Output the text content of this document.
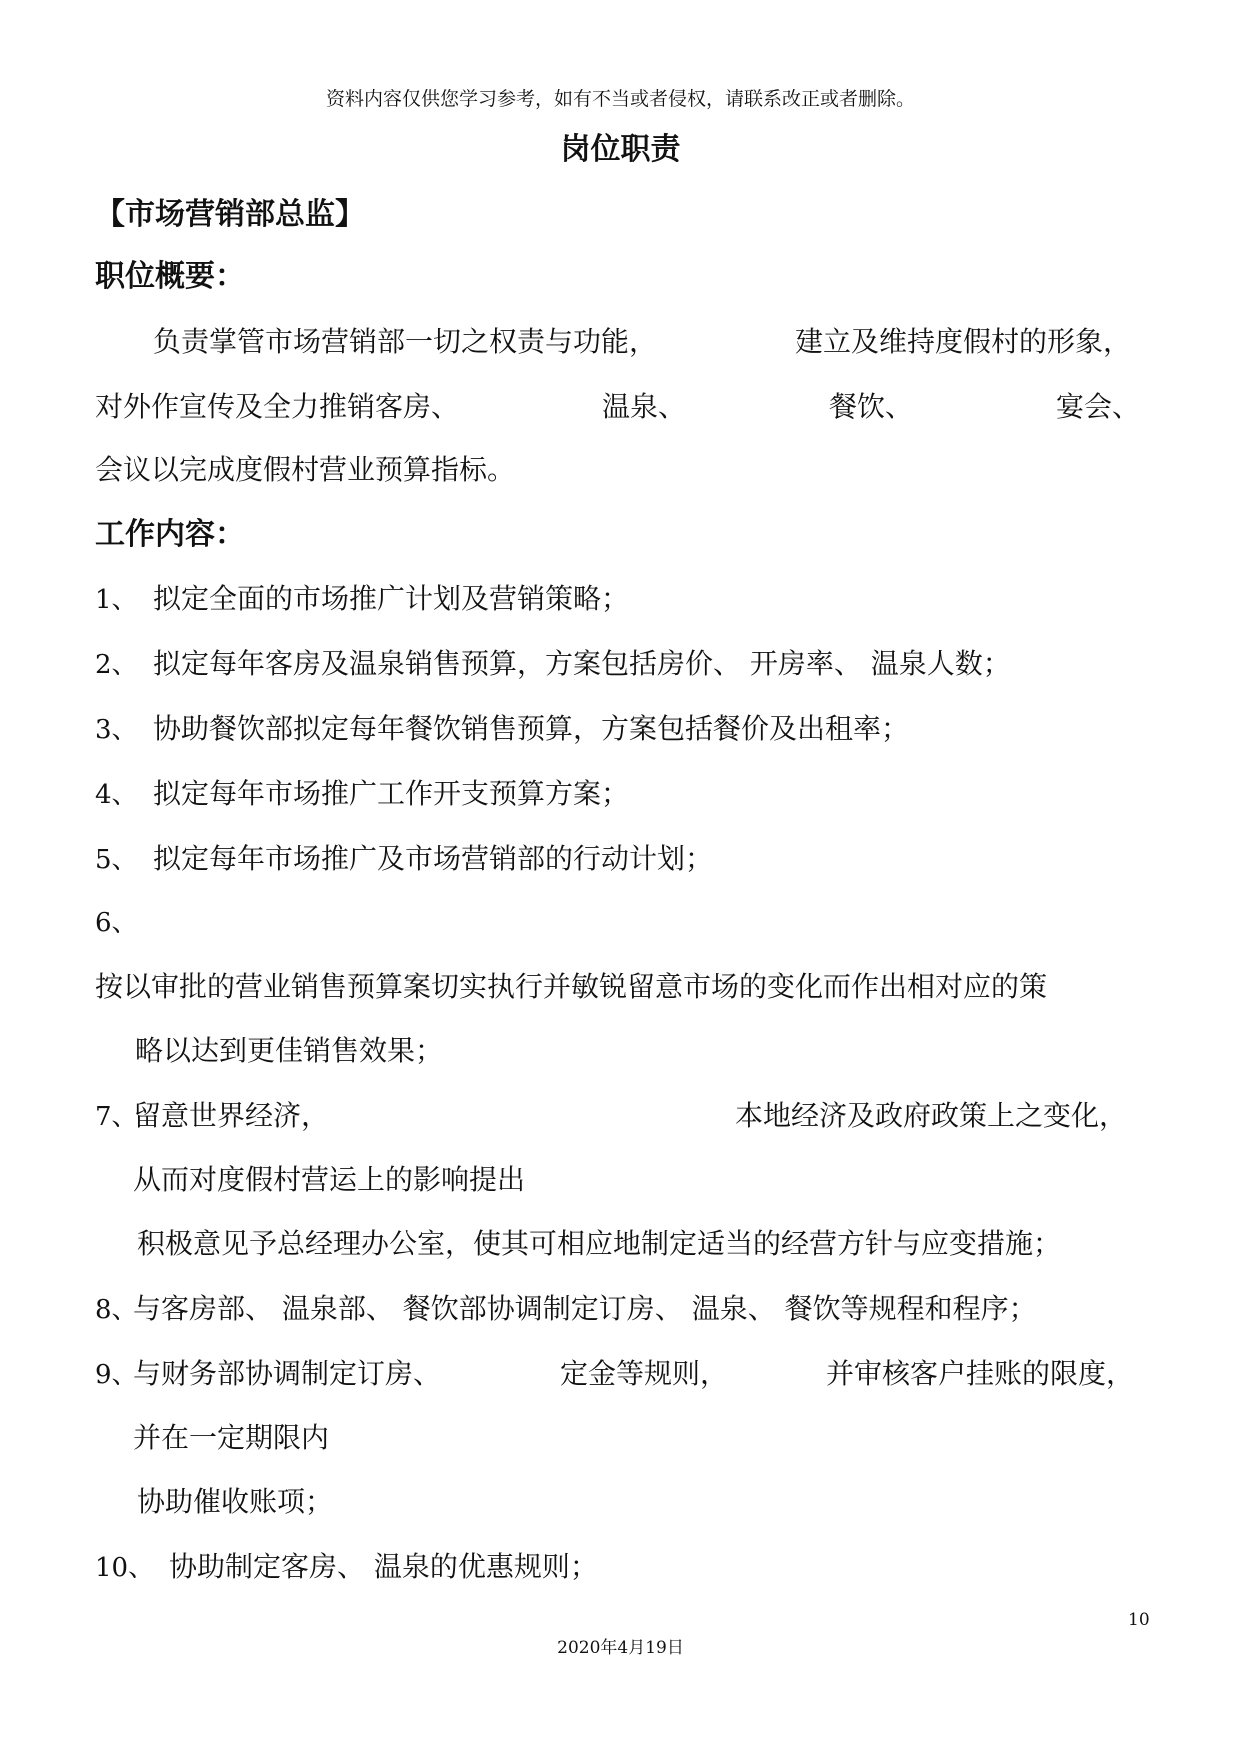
资料内容仅供您学习参考，如有不当或者侵权，请联系改正或者删除。
岗位职责
【市场营销部总监】
职位概要：
负责掌管市场营销部一切之权责与功能，	建立及维持度假村的形象，
对外作宣传及全力推销客房、	温泉、	餐饮、	宴会、
会议以完成度假村营业预算指标。
工作内容：
1、 拟定全面的市场推广计划及营销策略；
2、 拟定每年客房及温泉销售预算，方案包括房价、 开房率、 温泉人数；
3、 协助餐饮部拟定每年餐饮销售预算，方案包括餐价及出租率；
4、 拟定每年市场推广工作开支预算方案；
5、 拟定每年市场推广及市场营销部的行动计划；
6、
按以审批的营业销售预算案切实执行并敏锐留意市场的变化而作出相对应的策
略以达到更佳销售效果；
7、
留意世界经济，	本地经济及政府政策上之变化，
从而对度假村营运上的影响提出
积极意见予总经理办公室，使其可相应地制定适当的经营方针与应变措施；
8、
与客房部、 温泉部、 餐饮部协调制定订房、 温泉、 餐饮等规程和程序；
9、
与财务部协调制定订房、	定金等规则，	并审核客户挂账的限度，
并在一定期限内
协助催收账项；
10、 协助制定客房、 温泉的优惠规则；
10
2020年4月19日
